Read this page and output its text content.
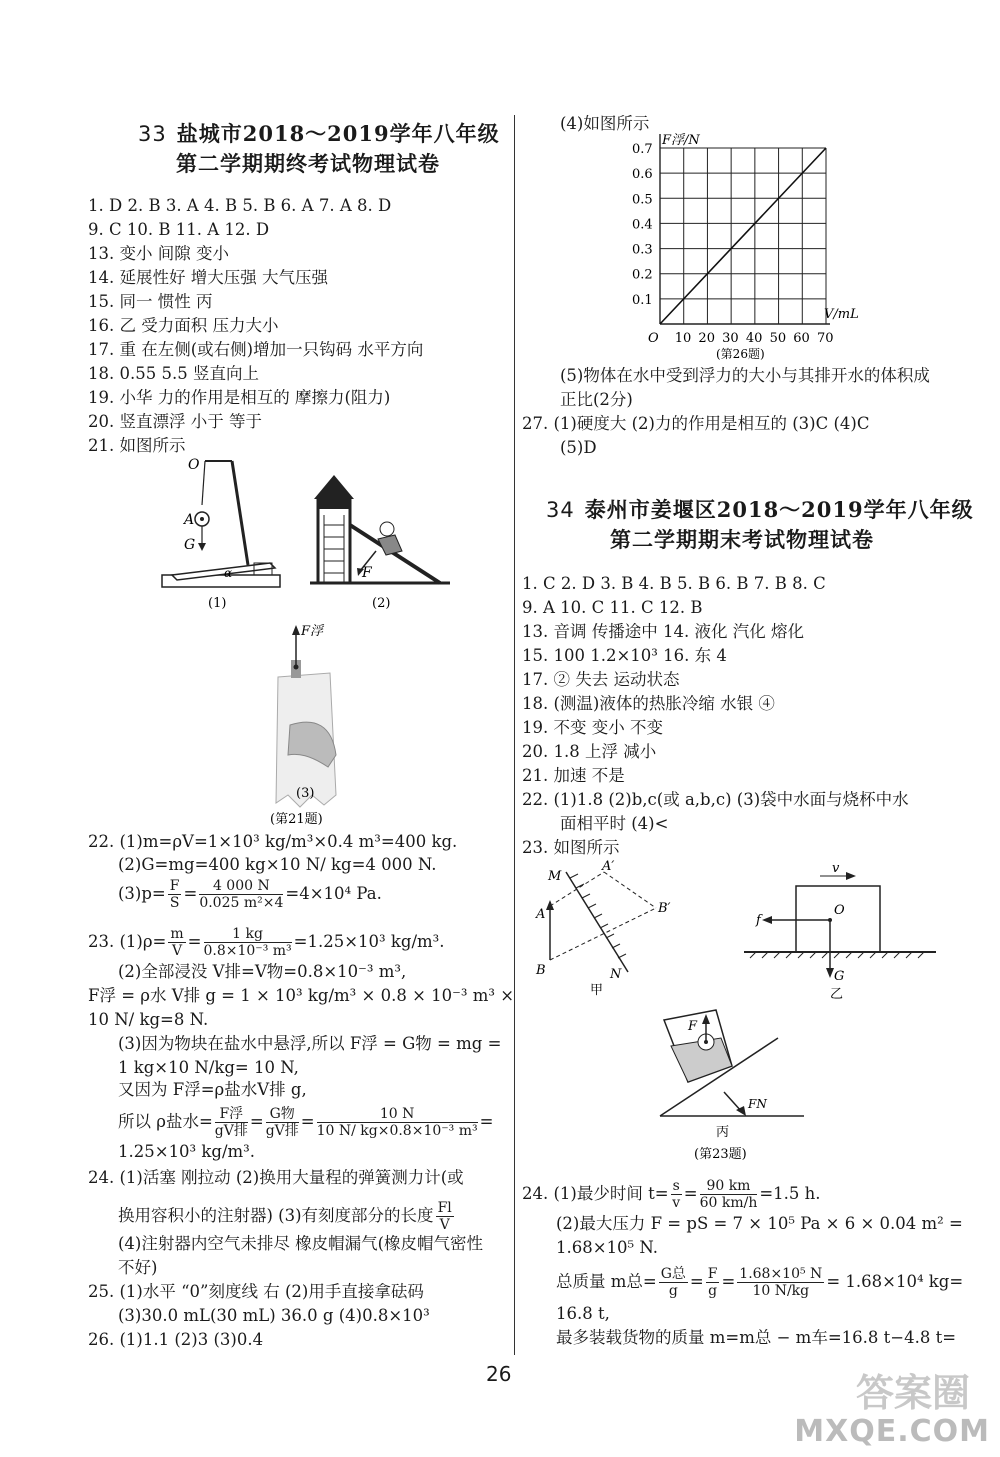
33 盐城市2018～2019学年八年级
第二学期期终考试物理试卷
O
A
G
α
(1)
F
(2)
F浮
(3)
(第21题)
(4)如图所示
10 20 30 40 50 60 70
0.1
0.2
0.3
0.4
0.5
0.6
0.7
F浮/N
V/mL
O
(第26题)
(5)物体在水中受到浮力的大小与其排开水的体积成
正比(2分)
27. (1)硬度大 (2)力的作用是相互的 (3)C (4)C
(5)D
34 泰州市姜堰区2018～2019学年八年级
第二学期期末考试物理试卷
M
A′
B′
A
B	N
甲
v
f
O
G
乙
F
FN
丙
(第23题)
26	答案圈
MXQE.COM
1. D 2. B 3. A 4. B 5. B 6. A 7. A 8. D
9. C 10. B 11. A 12. D
13. 变小 间隙 变小
14. 延展性好 增大压强 大气压强
15. 同一 惯性 丙
16. 乙 受力面积 压力大小
17. 重 在左侧(或右侧)增加一只钩码 水平方向
18. 0.55 5.5 竖直向上
19. 小华 力的作用是相互的 摩擦力(阻力)
20. 竖直漂浮 小于 等于
21. 如图所示
22. (1)m=ρV=1×10³ kg/m³×0.4 m³=400 kg.
(2)G=mg=400 kg×10 N/ kg=4 000 N.
$(3)p= \frac{F}{S} = \frac{4 000 N}{\text{0.025 m²×4}} =4\times 10^4$ Pa.
23. $(1)\rho= \frac{m}{V} = \frac{1 kg}{\text{0.8×10⁻³ m³}} =1.25\times 10^3$ kg/m³.
(2)全部浸没 V排=V物=0.8×10⁻³ m³,
F浮 = ρ水 V排 g = 1 × 10³ kg/m³ × 0.8 × 10⁻³ m³ ×
10 N/ kg=8 N.
(3)因为物块在盐水中悬浮,所以 F浮 = G物 = mg =
1 kg×10 N/kg= 10 N,
又因为 F浮=ρ盐水V排 g,
所以 ρ盐水= $\frac{\text{F浮}}{\text{gV排}} = \frac{\text{G物}}{\text{gV排}} = \frac{10 N}{\text{10 N/ kg×0.8×10⁻³ m³}}$ =
1.25×10³ kg/m³.
24. (1)活塞 刚拉动 (2)换用大量程的弹簧测力计(或
换用容积小的注射器) (3)有刻度部分的长度 $\frac{Fl}{V}$
(4)注射器内空气未排尽 橡皮帽漏气(橡皮帽气密性
不好)
25. (1)水平 “0”刻度线 右 (2)用手直接拿砝码
(3)30.0 mL(30 mL) 36.0 g (4)0.8×10³
26. (1)1.1 (2)3 (3)0.4
1. C 2. D 3. B 4. B 5. B 6. B 7. B 8. C
9. A 10. C 11. C 12. B
13. 音调 传播途中 14. 液化 汽化 熔化
15. 100 1.2×10³ 16. 东 4
17. ② 失去 运动状态
18. (测温)液体的热胀冷缩 水银 ④
19. 不变 变小 不变
20. 1.8 上浮 减小
21. 加速 不是
22. (1)1.8 (2)b,c(或 a,b,c) (3)袋中水面与烧杯中水
面相平时 (4)<
23. 如图所示
24. (1)最少时间 $t= \frac{s}{v} = \frac{90 km}{60 km/h} =1.5$ h.
(2)最大压力 F = pS = 7 × 10⁵ Pa × 6 × 0.04 m² =
1.68×10⁵ N.
总质量 m总= $\frac{\text{G总}}{g} = \frac{F}{g} = \frac{\text{1.68×10⁵ N}}{10 N/kg} = 1.68\times 10^4$ kg=
16.8 t,
最多装载货物的质量 m=m总 − m车=16.8 t−4.8 t=
